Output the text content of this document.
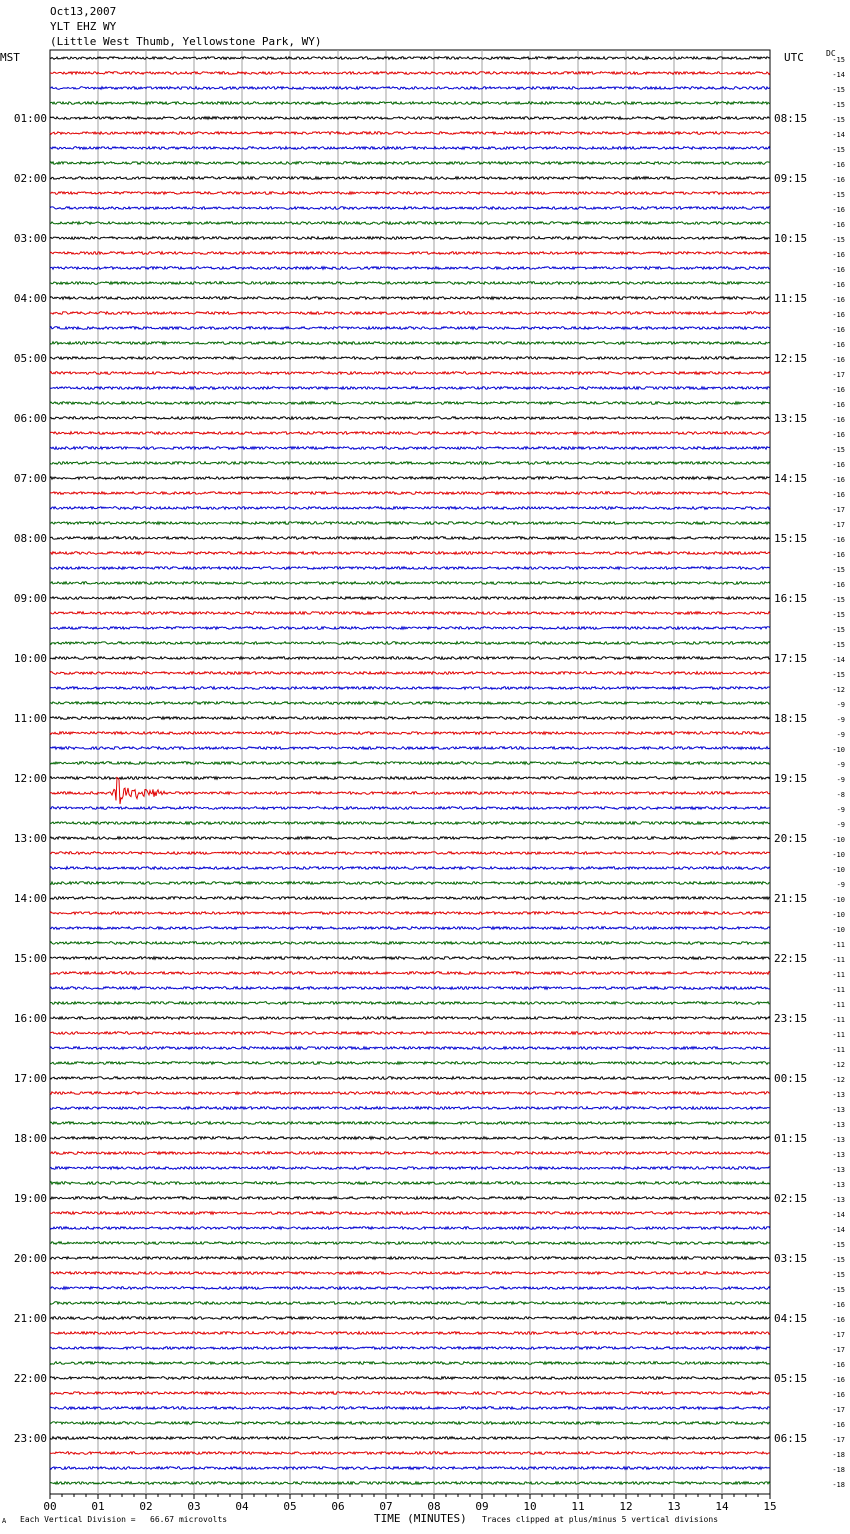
Oct13,2007
YLT EHZ WY
(Little West Thumb, Yellowstone Park, WY)
MST	UTC	DC
00	01	02	03	04	05	06	07	08	09	10	11	12	13	14	15
-15
-14
-15
-15
-15
-14
-15
-16
-16
-15
-16
-16
-15
-16
-16
-16
-16
-16
-16
-16
-16
-17
-16
-16
-16
-16
-15
-16
-16
-16
-17
-17
-16
-16
-15
-16
-15
-15
-15
-15
-14
-15
-12
-9
-9
-9
-10
-9
-9
-8
-9
-9
-10
-10
-10
-9
-10
-10
-10
-11
-11
-11
-11
-11
-11
-11
-11
-12
-12
-13
-13
-13
-13
-13
-13
-13
-13
-14
-14
-15
-15
-15
-15
-16
-16
-17
-17
-16
-16
-16
-17
-16
-17
-18
-18
-18
01:00
02:00
03:00
04:00
05:00
06:00
07:00
08:00
09:00
10:00
11:00
12:00
13:00
14:00
15:00
16:00
17:00
18:00
19:00
20:00
21:00
22:00
23:00
08:15
09:15
10:15
11:15
12:15
13:15
14:15
15:15
16:15
17:15
18:15
19:15
20:15
21:15
22:15
23:15
00:15
01:15
02:15
03:15
04:15
05:15
06:15
A Each Vertical Division =   66.67 microvolts	TIME (MINUTES) Traces clipped at plus/minus 5 vertical divisions
